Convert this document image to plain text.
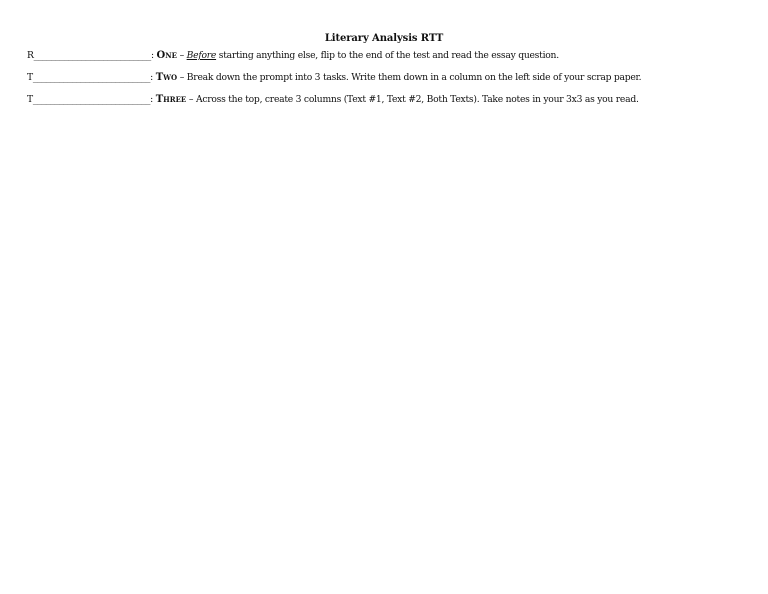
Literary Analysis RTT
R___________________________: One – Before starting anything else, flip to the end of the test and read the essay question.
T___________________________: Two – Break down the prompt into 3 tasks. Write them down in a column on the left side of your scrap paper.
T___________________________: Three – Across the top, create 3 columns (Text #1, Text #2, Both Texts). Take notes in your 3x3 as you read.
